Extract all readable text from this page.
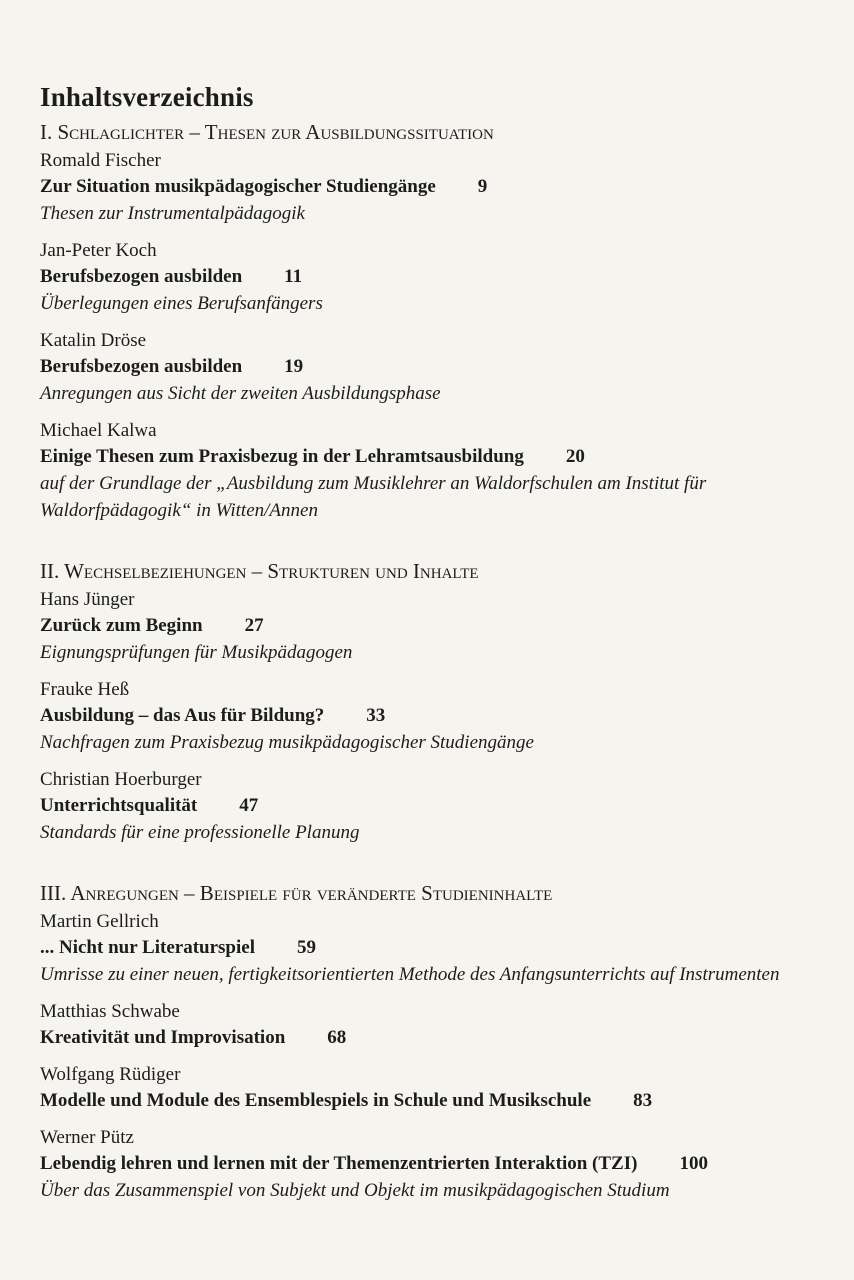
Inhaltsverzeichnis
I. Schlaglichter – Thesen zur Ausbildungssituation
Romald Fischer
Zur Situation musikpädagogischer Studiengänge 9
Thesen zur Instrumentalpädagogik
Jan-Peter Koch
Berufsbezogen ausbilden 11
Überlegungen eines Berufsanfängers
Katalin Dröse
Berufsbezogen ausbilden 19
Anregungen aus Sicht der zweiten Ausbildungsphase
Michael Kalwa
Einige Thesen zum Praxisbezug in der Lehramtsausbildung 20
auf der Grundlage der „Ausbildung zum Musiklehrer an Waldorfschulen am Institut für Waldorfpädagogik“ in Witten/Annen
II. Wechselbeziehungen – Strukturen und Inhalte
Hans Jünger
Zurück zum Beginn 27
Eignungsprüfungen für Musikpädagogen
Frauke Heß
Ausbildung – das Aus für Bildung? 33
Nachfragen zum Praxisbezug musikpädagogischer Studiengänge
Christian Hoerburger
Unterrichtsqualität 47
Standards für eine professionelle Planung
III. Anregungen – Beispiele für veränderte Studieninhalte
Martin Gellrich
... Nicht nur Literaturspiel 59
Umrisse zu einer neuen, fertigkeitsorientierten Methode des Anfangsunterrichts auf Instrumenten
Matthias Schwabe
Kreativität und Improvisation 68
Wolfgang Rüdiger
Modelle und Module des Ensemblespiels in Schule und Musikschule 83
Werner Pütz
Lebendig lehren und lernen mit der Themenzentrierten Interaktion (TZI) 100
Über das Zusammenspiel von Subjekt und Objekt im musikpädagogischen Studium
